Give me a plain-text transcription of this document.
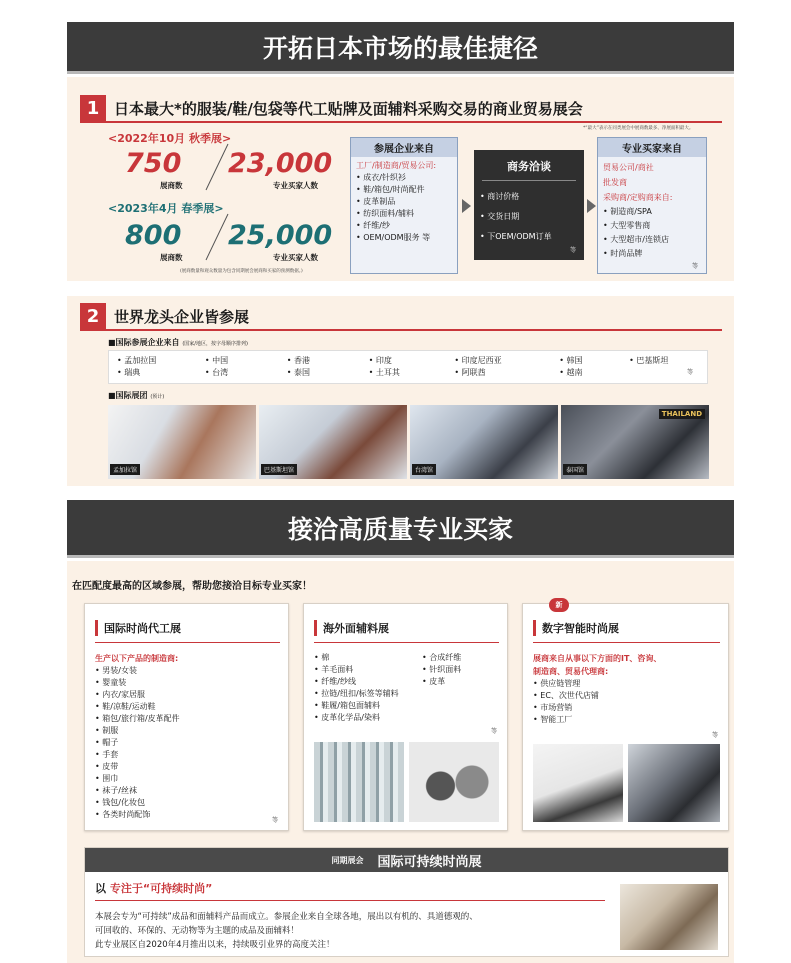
开拓日本市场的最佳捷径
1 日本最大*的服装/鞋/包袋等代工贴牌及面辅料采购交易的商业贸易展会
*“最大”表示在同类展会中展商数最多、净展面积最大。
<2022年10月 秋季展>
750
展商数
23,000
专业买家人数
<2023年4月 春季展>
800
展商数
25,000
专业买家人数
(展商数量和观众数量为包含同期展会展商和买家的预测数据。)
参展企业来自
工厂/制造商/贸易公司:
• 成衣/针织衫
• 鞋/箱包/时尚配件
• 皮革制品
• 纺织面料/辅料
• 纤维/纱
• OEM/ODM服务 等
商务洽谈
• 商讨价格
• 交货日期
• 下OEM/ODM订单
等
专业买家来自
贸易公司/商社
批发商
采购商/定购商来自:
• 制造商/SPA
• 大型零售商
• 大型超市/连锁店
• 时尚品牌
等
2 世界龙头企业皆参展
■国际参展企业来自 (国家/地区，按字母顺序排列)
• 孟加拉国	• 中国	• 香港	• 印度	• 印度尼西亚	• 韩国	• 巴基斯坦
• 瑞典	• 台湾	• 泰国	• 土耳其	• 阿联酋	• 越南	等
■国际展团 (预计)
孟加拉馆	巴基斯坦馆	台湾馆
THAILAND
泰国馆
接洽高质量专业买家
在匹配度最高的区域参展，帮助您接洽目标专业买家！
国际时尚代工展
生产以下产品的制造商:
• 男装/女装
• 婴童装
• 内衣/家居服
• 鞋/凉鞋/运动鞋
• 箱包/旅行箱/皮革配件
• 制服
• 帽子
• 手套
• 皮带
• 围巾
• 袜子/丝袜
• 钱包/化妆包
• 各类时尚配饰
等
海外面辅料展
• 棉
• 羊毛面料
• 纤维/纱线
• 拉链/纽扣/标签等辅料
• 鞋履/箱包面辅料
• 皮革化学品/染料
• 合成纤维
• 针织面料
• 皮革
等
新
数字智能时尚展
展商来自从事以下方面的IT、咨询、
制造商、贸易代理商:
• 供应链管理
• EC、次世代店铺
• 市场营销
• 智能工厂
等
同期展会 国际可持续时尚展
以 专注于“可持续时尚”
本展会专为“可持续”成品和面辅料产品而成立。参展企业来自全球各地，展出以有机的、具道德观的、
可回收的、环保的、无动物等为主题的成品及面辅料！
此专业展区自2020年4月推出以来，持续吸引业界的高度关注！
